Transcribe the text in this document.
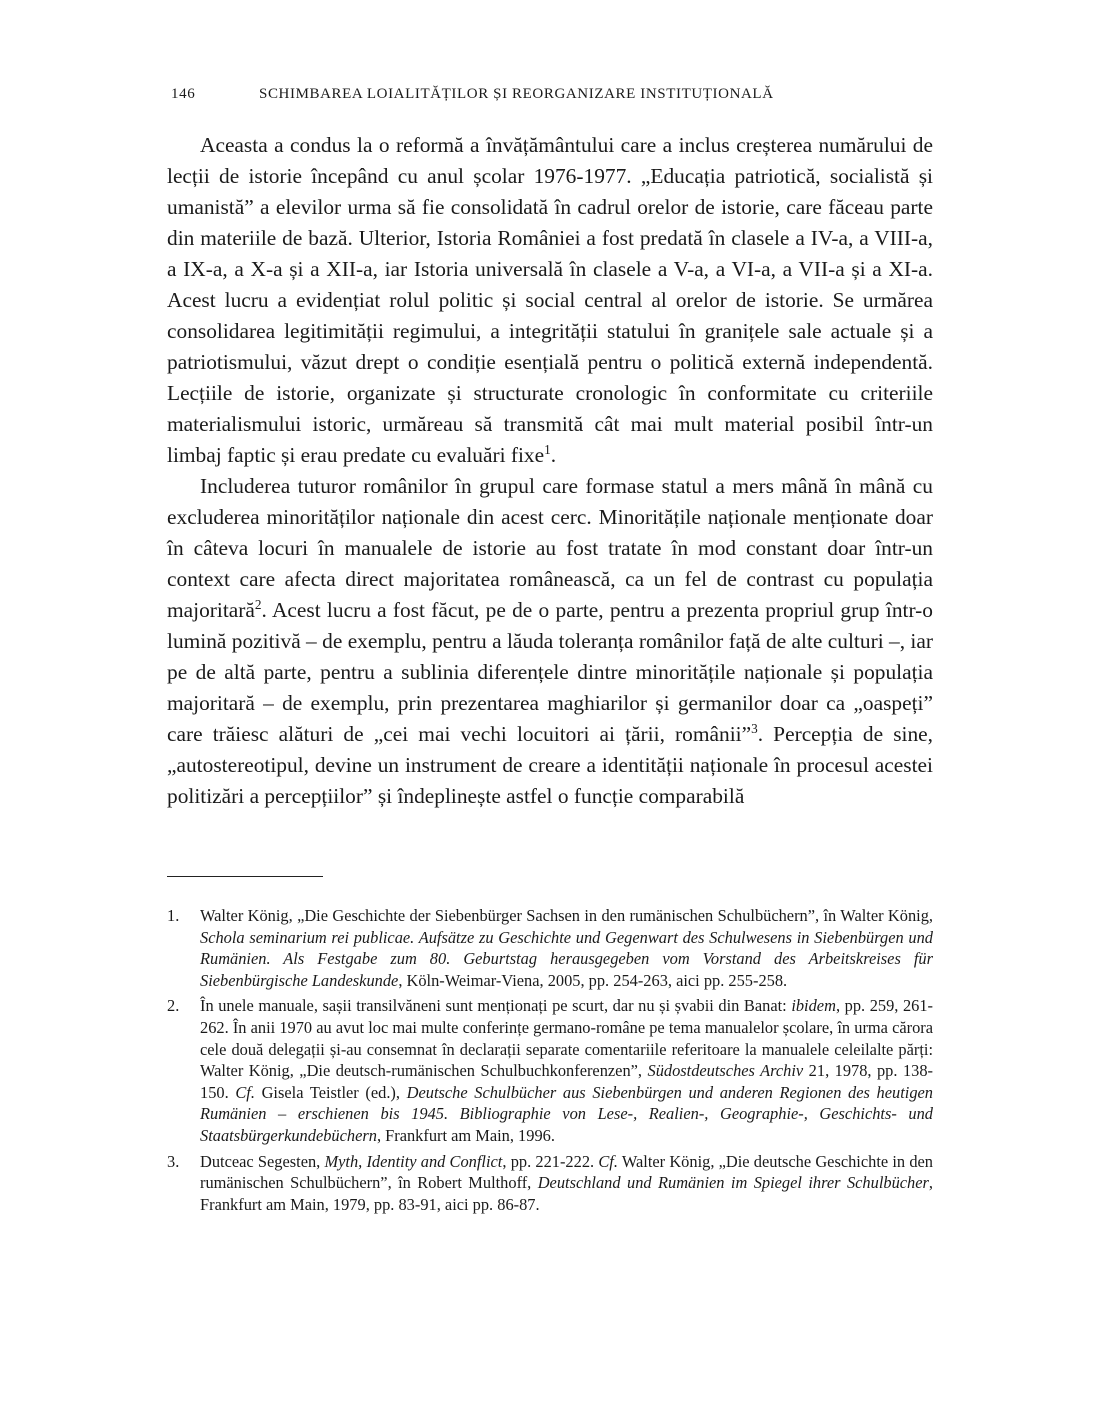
146	SCHIMBAREA LOIALITĂȚILOR ȘI REORGANIZARE INSTITUȚIONALĂ

Aceasta a condus la o reformă a învățământului care a inclus creșterea numărului de lecții de istorie începând cu anul școlar 1976-1977. „Educația patriotică, socialistă și umanistă” a elevilor urma să fie consolidată în cadrul orelor de istorie, care făceau parte din materiile de bază. Ulterior, Istoria României a fost predată în clasele a IV-a, a VIII-a, a IX-a, a X-a și a XII-a, iar Istoria universală în clasele a V-a, a VI-a, a VII-a și a XI-a. Acest lucru a evidențiat rolul politic și social central al orelor de istorie. Se urmărea consolidarea legitimității regimului, a integrității statului în granițele sale actuale și a patriotismului, văzut drept o condiție esențială pentru o politică externă independentă. Lecțiile de istorie, organizate și structurate cronologic în conformitate cu criteriile materialismului istoric, urmăreau să transmită cât mai mult material posibil într-un limbaj faptic și erau predate cu evaluări fixe$^1$.

Includerea tuturor românilor în grupul care formase statul a mers mână în mână cu excluderea minorităților naționale din acest cerc. Minoritățile naționale menționate doar în câteva locuri în manualele de istorie au fost tratate în mod constant doar într-un context care afecta direct majoritatea românească, ca un fel de contrast cu populația majoritară$^2$. Acest lucru a fost făcut, pe de o parte, pentru a prezenta propriul grup într-o lumină pozitivă – de exemplu, pentru a lăuda toleranța românilor față de alte culturi –, iar pe de altă parte, pentru a sublinia diferențele dintre minoritățile naționale și populația majoritară – de exemplu, prin prezentarea maghiarilor și germanilor doar ca „oaspeți” care trăiesc alături de „cei mai vechi locuitori ai țării, românii”$^3$. Percepția de sine, „autostereotipul, devine un instrument de creare a identității naționale în procesul acestei politizări a percepțiilor” și îndeplinește astfel o funcție comparabilă

1. Walter König, „Die Geschichte der Siebenbürger Sachsen in den rumänischen Schulbüchern”, în Walter König, Schola seminarium rei publicae. Aufsätze zu Geschichte und Gegenwart des Schulwesens in Siebenbürgen und Rumänien. Als Festgabe zum 80. Geburtstag herausgegeben vom Vorstand des Arbeitskreises für Siebenbürgische Landeskunde, Köln-Weimar-Viena, 2005, pp. 254-263, aici pp. 255-258.
2. În unele manuale, sașii transilvăneni sunt menționați pe scurt, dar nu și șvabii din Banat: ibidem, pp. 259, 261-262. În anii 1970 au avut loc mai multe conferințe germano-române pe tema manualelor școlare, în urma cărora cele două delegații și-au consemnat în declarații separate comentariile referitoare la manualele celeilalte părți: Walter König, „Die deutsch-rumänischen Schulbuchkonferenzen”, Südostdeutsches Archiv 21, 1978, pp. 138-150. Cf. Gisela Teistler (ed.), Deutsche Schulbücher aus Siebenbürgen und anderen Regionen des heutigen Rumänien – erschienen bis 1945. Bibliographie von Lese-, Realien-, Geographie-, Geschichts- und Staatsbürgerkundebüchern, Frankfurt am Main, 1996.
3. Dutceac Segesten, Myth, Identity and Conflict, pp. 221-222. Cf. Walter König, „Die deutsche Geschichte in den rumänischen Schulbüchern”, în Robert Multhoff, Deutschland und Rumänien im Spiegel ihrer Schulbücher, Frankfurt am Main, 1979, pp. 83-91, aici pp. 86-87.
